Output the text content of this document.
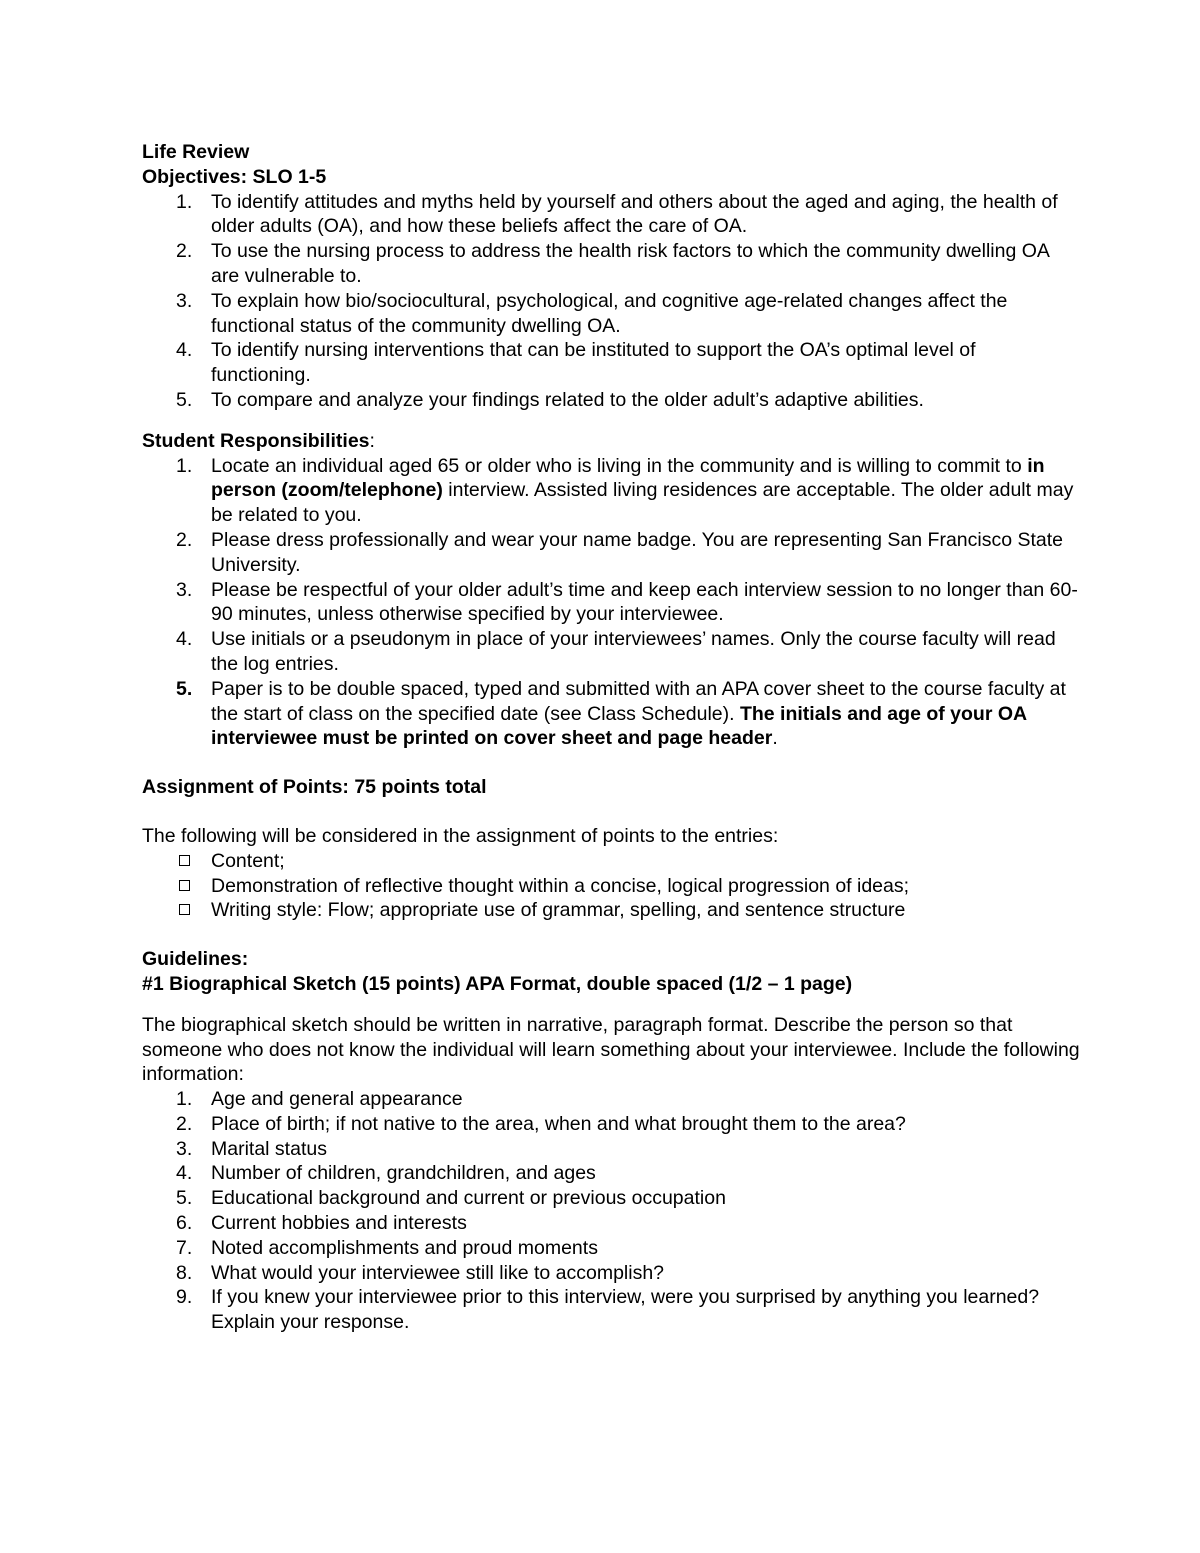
Life Review
Objectives: SLO 1-5
1. To identify attitudes and myths held by yourself and others about the aged and aging, the health of older adults (OA), and how these beliefs affect the care of OA.
2. To use the nursing process to address the health risk factors to which the community dwelling OA are vulnerable to.
3. To explain how bio/sociocultural, psychological, and cognitive age-related changes affect the functional status of the community dwelling OA.
4. To identify nursing interventions that can be instituted to support the OA’s optimal level of functioning.
5. To compare and analyze your findings related to the older adult’s adaptive abilities.
Student Responsibilities:
1. Locate an individual aged 65 or older who is living in the community and is willing to commit to in person (zoom/telephone) interview. Assisted living residences are acceptable. The older adult may be related to you.
2. Please dress professionally and wear your name badge. You are representing San Francisco State University.
3. Please be respectful of your older adult’s time and keep each interview session to no longer than 60-90 minutes, unless otherwise specified by your interviewee.
4. Use initials or a pseudonym in place of your interviewees’ names. Only the course faculty will read the log entries.
5. Paper is to be double spaced, typed and submitted with an APA cover sheet to the course faculty at the start of class on the specified date (see Class Schedule). The initials and age of your OA interviewee must be printed on cover sheet and page header.
Assignment of Points: 75 points total

The following will be considered in the assignment of points to the entries:

Content;
Demonstration of reflective thought within a concise, logical progression of ideas;
Writing style: Flow; appropriate use of grammar, spelling, and sentence structure
Guidelines:
#1 Biographical Sketch (15 points) APA Format, double spaced (1/2 – 1 page)

The biographical sketch should be written in narrative, paragraph format. Describe the person so that someone who does not know the individual will learn something about your interviewee. Include the following information:

1. Age and general appearance
2. Place of birth; if not native to the area, when and what brought them to the area?
3. Marital status
4. Number of children, grandchildren, and ages
5. Educational background and current or previous occupation
6. Current hobbies and interests
7. Noted accomplishments and proud moments
8. What would your interviewee still like to accomplish?
9. If you knew your interviewee prior to this interview, were you surprised by anything you learned? Explain your response.
